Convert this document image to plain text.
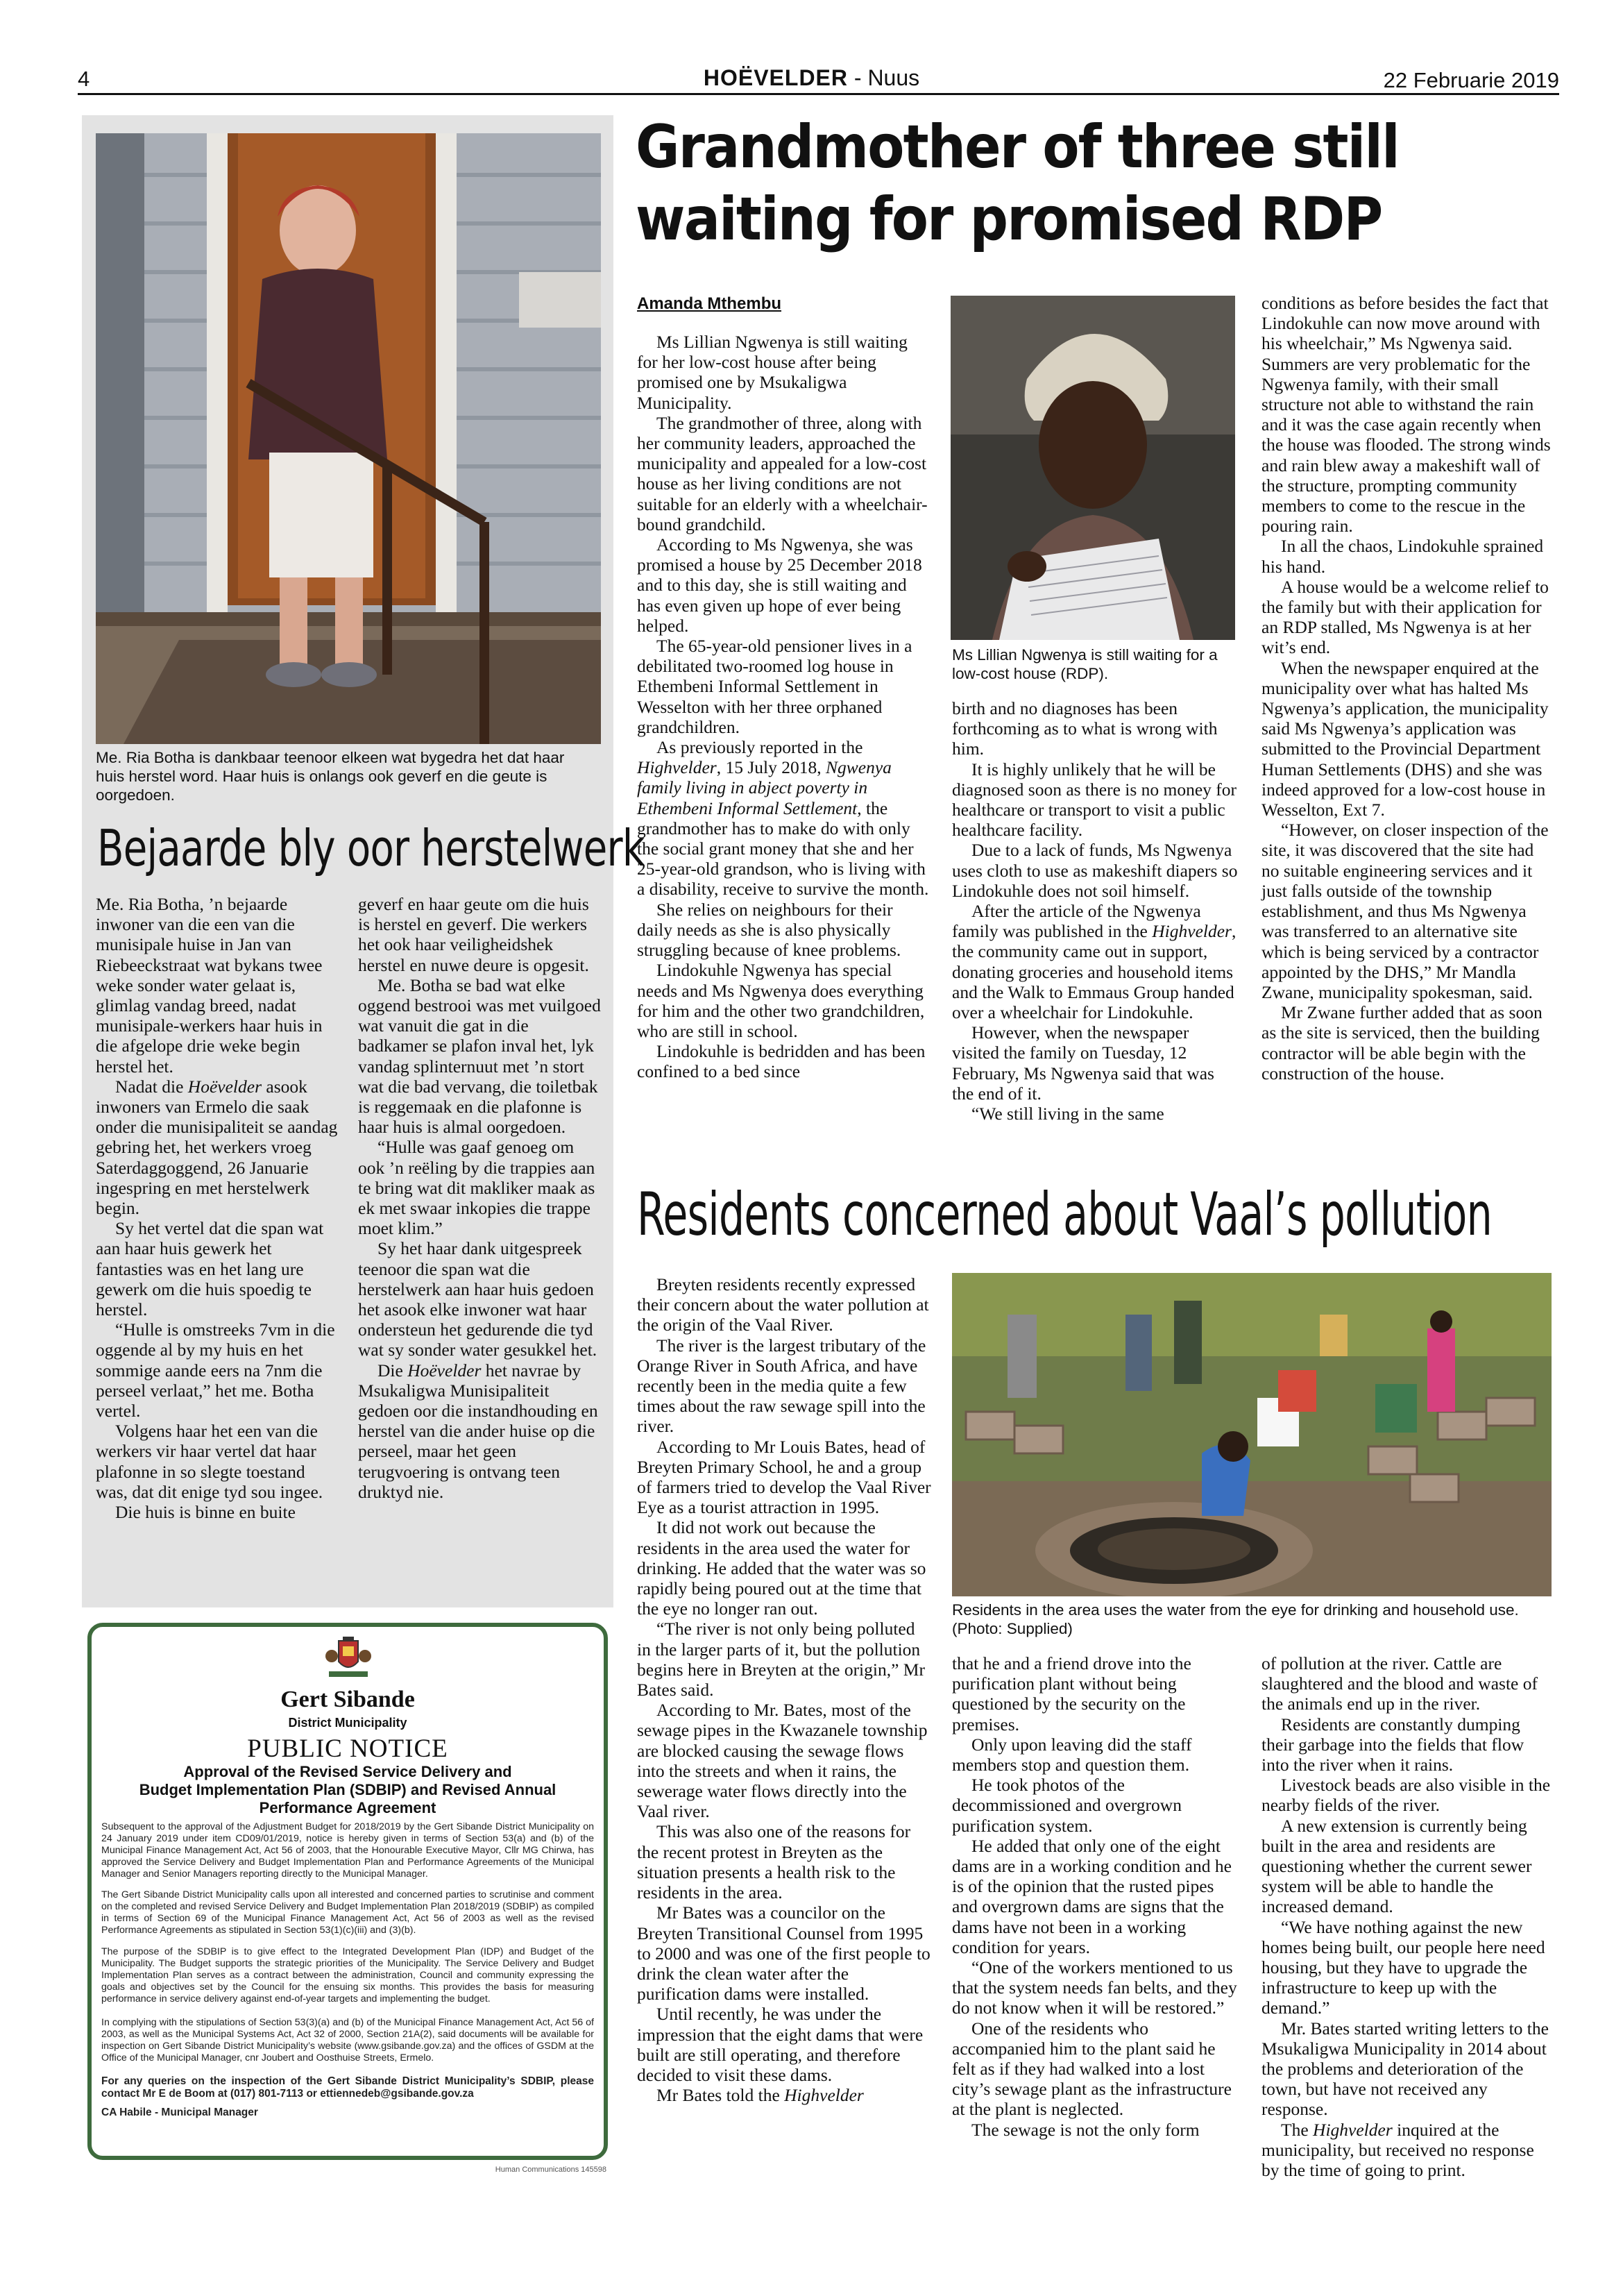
4	HOËVELDER - Nuus	22 Februarie 2019
Me. Ria Botha is dankbaar teenoor elkeen wat bygedra het dat haar huis herstel word. Haar huis is onlangs ook geverf en die geute is oorgedoen.
Bejaarde bly oor herstelwerk

Me. Ria Botha, ’n bejaarde inwoner van die een van die munisipale huise in Jan van Riebeeckstraat wat bykans twee weke sonder water gelaat is, glimlag vandag breed, nadat munisipale-werkers haar huis in die afgelope drie weke begin herstel het.

Nadat die Hoëvelder asook inwoners van Ermelo die saak onder die munisipaliteit se aandag gebring het, het werkers vroeg Saterdaggoggend, 26 Januarie ingespring en met herstelwerk begin.

Sy het vertel dat die span wat aan haar huis gewerk het fantasties was en het lang ure gewerk om die huis spoedig te herstel.

“Hulle is omstreeks 7vm in die oggende al by my huis en het sommige aande eers na 7nm die perseel verlaat,” het me. Botha vertel.

Volgens haar het een van die werkers vir haar vertel dat haar plafonne in so slegte toestand was, dat dit enige tyd sou ingee.

Die huis is binne en buite

geverf en haar geute om die huis is herstel en geverf. Die werkers het ook haar veiligheidshek herstel en nuwe deure is opgesit.

Me. Botha se bad wat elke oggend bestrooi was met vuilgoed wat vanuit die gat in die badkamer se plafon inval het, lyk vandag splinternuut met ’n stort wat die bad vervang, die toiletbak is reggemaak en die plafonne is haar huis is almal oorgedoen.

“Hulle was gaaf genoeg om ook ’n reëling by die trappies aan te bring wat dit makliker maak as ek met swaar inkopies die trappe moet klim.”

Sy het haar dank uitgespreek teenoor die span wat die herstelwerk aan haar huis gedoen het asook elke inwoner wat haar ondersteun het gedurende die tyd wat sy sonder water gesukkel het.

Die Hoëvelder het navrae by Msukaligwa Munisipaliteit gedoen oor die instandhouding en herstel van die ander huise op die perseel, maar het geen terugvoering is ontvang teen druktyd nie.

Gert Sibande
District Municipality
PUBLIC NOTICE
Approval of the Revised Service Delivery and
Budget Implementation Plan (SDBIP) and Revised Annual
Performance Agreement
Subsequent to the approval of the Adjustment Budget for 2018/2019 by the Gert Sibande District Municipality on 24 January 2019 under item CD09/01/2019, notice is hereby given in terms of Section 53(a) and (b) of the Municipal Finance Management Act, Act 56 of 2003, that the Honourable Executive Mayor, Cllr MG Chirwa, has approved the Service Delivery and Budget Implementation Plan and Performance Agreements of the Municipal Manager and Senior Managers reporting directly to the Municipal Manager.
The Gert Sibande District Municipality calls upon all interested and concerned parties to scrutinise and comment on the completed and revised Service Delivery and Budget Implementation Plan 2018/2019 (SDBIP) as compiled in terms of Section 69 of the Municipal Finance Management Act, Act 56 of 2003 as well as the revised Performance Agreements as stipulated in Section 53(1)(c)(iii) and (3)(b).
The purpose of the SDBIP is to give effect to the Integrated Development Plan (IDP) and Budget of the Municipality. The Budget supports the strategic priorities of the Municipality. The Service Delivery and Budget Implementation Plan serves as a contract between the administration, Council and community expressing the goals and objectives set by the Council for the ensuing six months. This provides the basis for measuring performance in service delivery against end-of-year targets and implementing the budget.
In complying with the stipulations of Section 53(3)(a) and (b) of the Municipal Finance Management Act, Act 56 of 2003, as well as the Municipal Systems Act, Act 32 of 2000, Section 21A(2), said documents will be available for inspection on Gert Sibande District Municipality’s website (www.gsibande.gov.za) and the offices of GSDM at the Office of the Municipal Manager, cnr Joubert and Oosthuise Streets, Ermelo.
For any queries on the inspection of the Gert Sibande District Municipality’s SDBIP, please contact Mr E de Boom at (017) 801-7113 or ettiennedeb@gsibande.gov.za
CA Habile - Municipal Manager
Human Communications 145598
Grandmother of three still
waiting for promised RDP
Amanda Mthembu

Ms Lillian Ngwenya is still waiting for her low-cost house after being promised one by Msukaligwa Municipality.

The grandmother of three, along with her community leaders, approached the municipality and appealed for a low-cost house as her living conditions are not suitable for an elderly with a wheelchair-bound grandchild.

According to Ms Ngwenya, she was promised a house by 25 December 2018 and to this day, she is still waiting and has even given up hope of ever being helped.

The 65-year-old pensioner lives in a debilitated two-roomed log house in Ethembeni Informal Settlement in Wesselton with her three orphaned grandchildren.

As previously reported in the Highvelder, 15 July 2018, Ngwenya family living in abject poverty in Ethembeni Informal Settlement, the grandmother has to make do with only the social grant money that she and her 25-year-old grandson, who is living with a disability, receive to survive the month.

She relies on neighbours for their daily needs as she is also physically struggling because of knee problems.

Lindokuhle Ngwenya has special needs and Ms Ngwenya does everything for him and the other two grandchildren, who are still in school.

Lindokuhle is bedridden and has been confined to a bed since

Ms Lillian Ngwenya is still waiting for a low-cost house (RDP).

birth and no diagnoses has been forthcoming as to what is wrong with him.

It is highly unlikely that he will be diagnosed soon as there is no money for healthcare or transport to visit a public healthcare facility.

Due to a lack of funds, Ms Ngwenya uses cloth to use as makeshift diapers so Lindokuhle does not soil himself.

After the article of the Ngwenya family was published in the Highvelder, the community came out in support, donating groceries and household items and the Walk to Emmaus Group handed over a wheelchair for Lindokuhle.

However, when the newspaper visited the family on Tuesday, 12 February, Ms Ngwenya said that was the end of it.

“We still living in the same

conditions as before besides the fact that Lindokuhle can now move around with his wheelchair,” Ms Ngwenya said. Summers are very problematic for the Ngwenya family, with their small structure not able to withstand the rain and it was the case again recently when the house was flooded. The strong winds and rain blew away a makeshift wall of the structure, prompting community members to come to the rescue in the pouring rain.

In all the chaos, Lindokuhle sprained his hand.

A house would be a welcome relief to the family but with their application for an RDP stalled, Ms Ngwenya is at her wit’s end.

When the newspaper enquired at the municipality over what has halted Ms Ngwenya’s application, the municipality said Ms Ngwenya’s application was submitted to the Provincial Department Human Settlements (DHS) and she was indeed approved for a low-cost house in Wesselton, Ext 7.

“However, on closer inspection of the site, it was discovered that the site had no suitable engineering services and it just falls outside of the township establishment, and thus Ms Ngwenya was transferred to an alternative site which is being serviced by a contractor appointed by the DHS,” Mr Mandla Zwane, municipality spokesman, said.

Mr Zwane further added that as soon as the site is serviced, then the building contractor will be able begin with the construction of the house.

Residents concerned about Vaal’s pollution

Breyten residents recently expressed their concern about the water pollution at the origin of the Vaal River.

The river is the largest tributary of the Orange River in South Africa, and have recently been in the media quite a few times about the raw sewage spill into the river.

According to Mr Louis Bates, head of Breyten Primary School, he and a group of farmers tried to develop the Vaal River Eye as a tourist attraction in 1995.

It did not work out because the residents in the area used the water for drinking. He added that the water was so rapidly being poured out at the time that the eye no longer ran out.

“The river is not only being polluted in the larger parts of it, but the pollution begins here in Breyten at the origin,” Mr Bates said.

According to Mr. Bates, most of the sewage pipes in the Kwazanele township are blocked causing the sewage flows into the streets and when it rains, the sewerage water flows directly into the Vaal river.

This was also one of the reasons for the recent protest in Breyten as the situation presents a health risk to the residents in the area.

Mr Bates was a councilor on the Breyten Transitional Counsel from 1995 to 2000 and was one of the first people to drink the clean water after the purification dams were installed.

Until recently, he was under the impression that the eight dams that were built are still operating, and therefore decided to visit these dams.

Mr Bates told the Highvelder

Residents in the area uses the water from the eye for drinking and household use. (Photo: Supplied)

that he and a friend drove into the purification plant without being questioned by the security on the premises.

Only upon leaving did the staff members stop and question them.

He took photos of the decommissioned and overgrown purification system.

He added that only one of the eight dams are in a working condition and he is of the opinion that the rusted pipes and overgrown dams are signs that the dams have not been in a working condition for years.

“One of the workers mentioned to us that the system needs fan belts, and they do not know when it will be restored.”

One of the residents who accompanied him to the plant said he felt as if they had walked into a lost city’s sewage plant as the infrastructure at the plant is neglected.

The sewage is not the only form

of pollution at the river. Cattle are slaughtered and the blood and waste of the animals end up in the river.

Residents are constantly dumping their garbage into the fields that flow into the river when it rains.

Livestock beads are also visible in the nearby fields of the river.

A new extension is currently being built in the area and residents are questioning whether the current sewer system will be able to handle the increased demand.

“We have nothing against the new homes being built, our people here need housing, but they have to upgrade the infrastructure to keep up with the demand.”

Mr. Bates started writing letters to the Msukaligwa Municipality in 2014 about the problems and deterioration of the town, but have not received any response.

The Highvelder inquired at the municipality, but received no response by the time of going to print.
